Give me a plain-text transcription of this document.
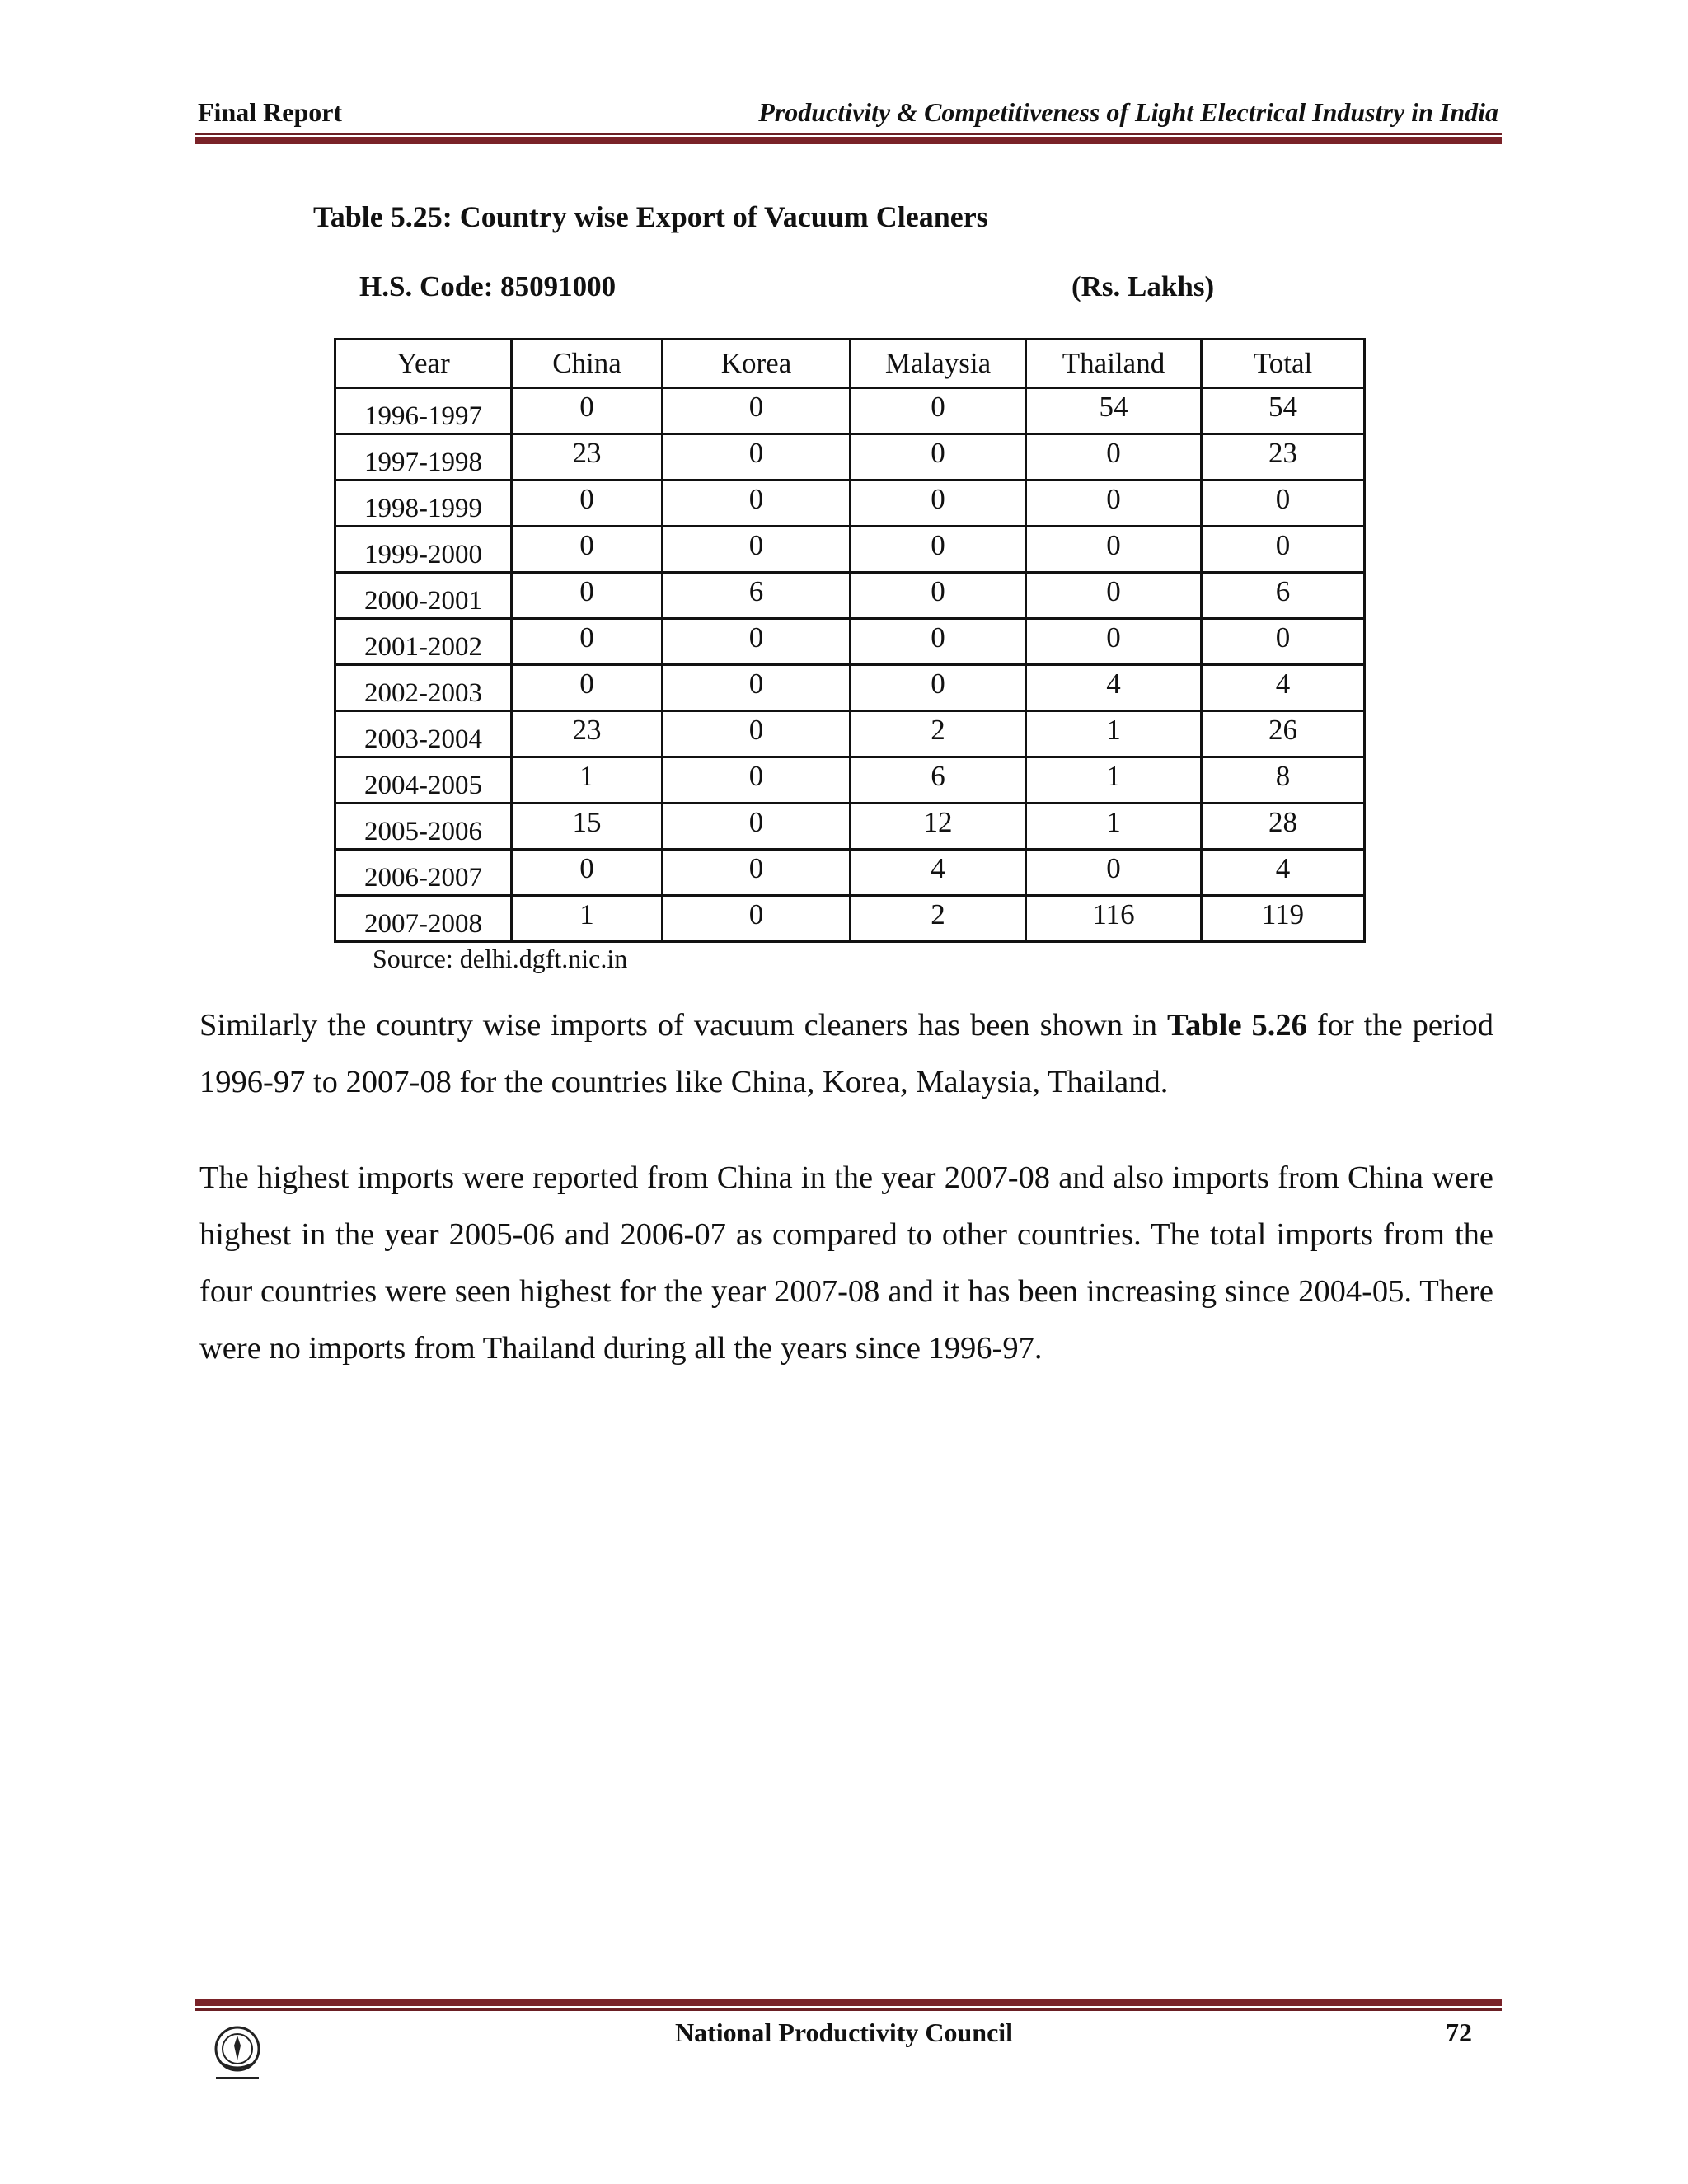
Final Report	Productivity & Competitiveness of Light Electrical Industry in India
Table 5.25: Country wise Export of Vacuum Cleaners
H.S. Code: 85091000	(Rs. Lakhs)
Year	China	Korea	Malaysia	Thailand	Total
1996-1997	0	0	0	54	54
1997-1998	23	0	0	0	23
1998-1999	0	0	0	0	0
1999-2000	0	0	0	0	0
2000-2001	0	6	0	0	6
2001-2002	0	0	0	0	0
2002-2003	0	0	0	4	4
2003-2004	23	0	2	1	26
2004-2005	1	0	6	1	8
2005-2006	15	0	12	1	28
2006-2007	0	0	4	0	4
2007-2008	1	0	2	116	119
Source: delhi.dgft.nic.in
Similarly the country wise imports of vacuum cleaners has been shown in Table 5.26 for the period 1996-97 to 2007-08 for the countries like China, Korea, Malaysia, Thailand.
The highest imports were reported from China in the year 2007-08 and also imports from China were highest in the year 2005-06 and 2006-07 as compared to other countries. The total imports from the four countries were seen highest for the year 2007-08 and it has been increasing since 2004-05. There were no imports from Thailand during all the years since 1996-97.
National Productivity Council	72
